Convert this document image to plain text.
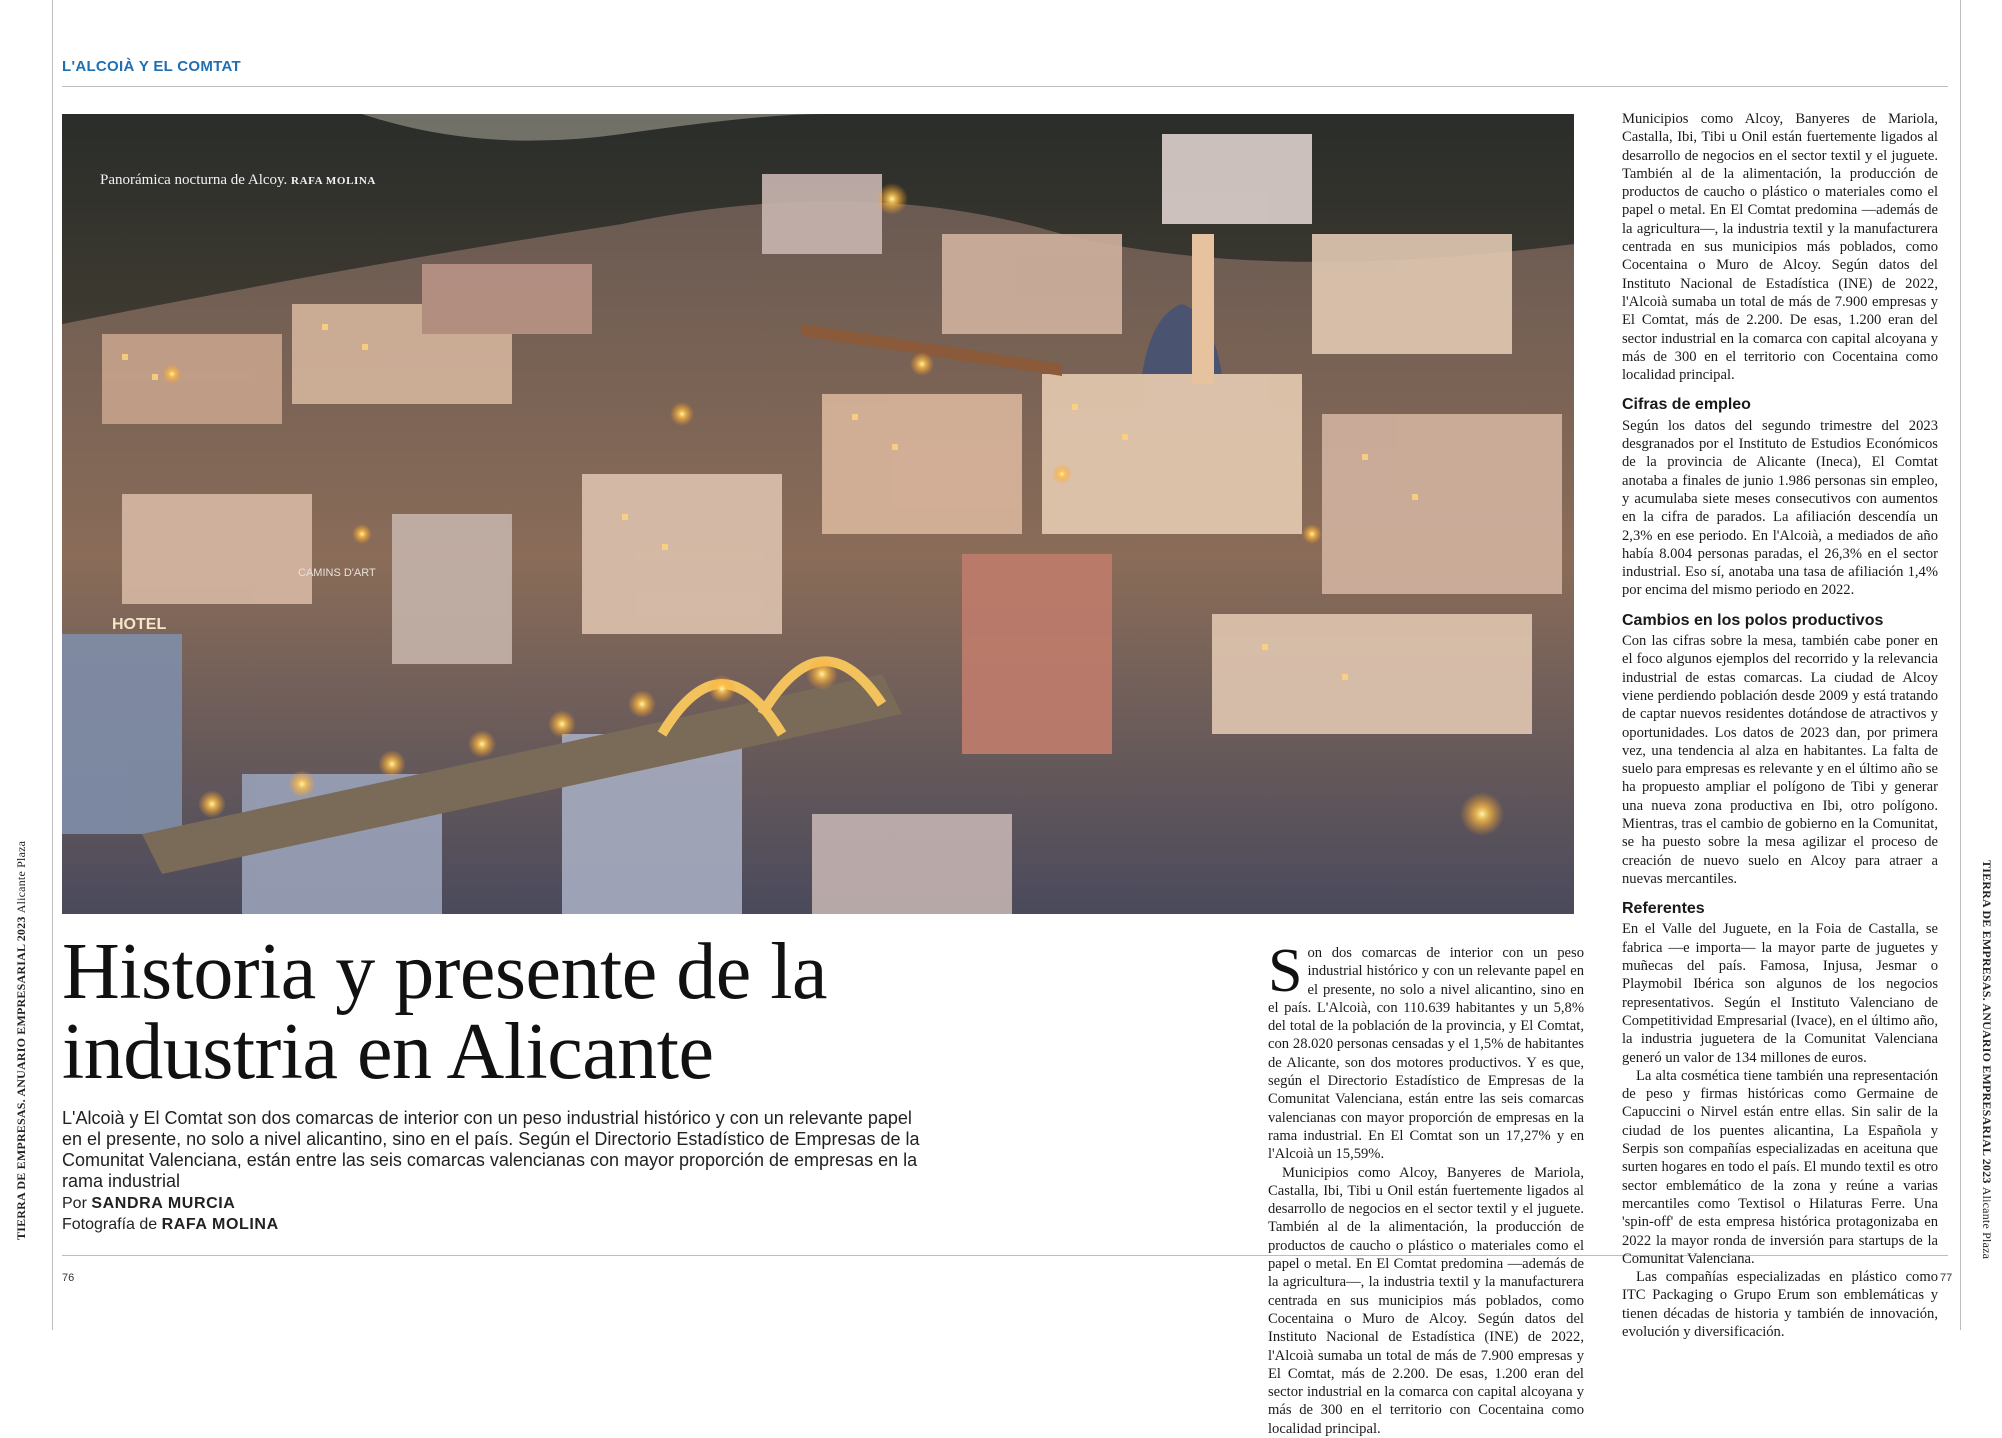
L'ALCOIÀ Y EL COMTAT
CAMINS D'ART
HOTEL
Panorámica nocturna de Alcoy. RAFA MOLINA
Historia y presente de la industria en Alicante
L'Alcoià y El Comtat son dos comarcas de interior con un peso industrial histórico y con un relevante papel en el presente, no solo a nivel alicantino, sino en el país. Según el Directorio Estadístico de Empresas de la Comunitat Valenciana, están entre las seis comarcas valencianas con mayor proporción de empresas en la rama industrial
Por SANDRA MURCIA
Fotografía de RAFA MOLINA

Son dos comarcas de interior con un peso industrial histórico y con un relevante papel en el presente, no solo a nivel alicantino, sino en el país. L'Alcoià, con 110.639 habitantes y un 5,8% del total de la población de la provincia, y El Comtat, con 28.020 personas censadas y el 1,5% de habitantes de Alicante, son dos motores productivos. Y es que, según el Directorio Estadístico de Empresas de la Comunitat Valenciana, están entre las seis comarcas valencianas con mayor proporción de empresas en la rama industrial. En El Comtat son un 17,27% y en l'Alcoià un 15,59%.

Municipios como Alcoy, Banyeres de Mariola, Castalla, Ibi, Tibi u Onil están fuertemente ligados al desarrollo de negocios en el sector textil y el juguete. También al de la alimentación, la producción de productos de caucho o plástico o materiales como el papel o metal. En El Comtat predomina —además de la agricultura—, la industria textil y la manufacturera centrada en sus municipios más poblados, como Cocentaina o Muro de Alcoy. Según datos del Instituto Nacional de Estadística (INE) de 2022, l'Alcoià sumaba un total de más de 7.900 empresas y El Comtat, más de 2.200. De esas, 1.200 eran del sector industrial en la comarca con capital alcoyana y más de 300 en el territorio con Cocentaina como localidad principal.

Municipios como Alcoy, Banyeres de Mariola, Castalla, Ibi, Tibi u Onil están fuertemente ligados al desarrollo de negocios en el sector textil y el juguete. También al de la alimentación, la producción de productos de caucho o plástico o materiales como el papel o metal. En El Comtat predomina —además de la agricultura—, la industria textil y la manufacturera centrada en sus municipios más poblados, como Cocentaina o Muro de Alcoy. Según datos del Instituto Nacional de Estadística (INE) de 2022, l'Alcoià sumaba un total de más de 7.900 empresas y El Comtat, más de 2.200. De esas, 1.200 eran del sector industrial en la comarca con capital alcoyana y más de 300 en el territorio con Cocentaina como localidad principal.

Cifras de empleo

Según los datos del segundo trimestre del 2023 desgranados por el Instituto de Estudios Económicos de la provincia de Alicante (Ineca), El Comtat anotaba a finales de junio 1.986 personas sin empleo, y acumulaba siete meses consecutivos con aumentos en la cifra de parados. La afiliación descendía un 2,3% en ese periodo. En l'Alcoià, a mediados de año había 8.004 personas paradas, el 26,3% en el sector industrial. Eso sí, anotaba una tasa de afiliación 1,4% por encima del mismo periodo en 2022.

Cambios en los polos productivos

Con las cifras sobre la mesa, también cabe poner en el foco algunos ejemplos del recorrido y la relevancia industrial de estas comarcas. La ciudad de Alcoy viene perdiendo población desde 2009 y está tratando de captar nuevos residentes dotándose de atractivos y oportunidades. Los datos de 2023 dan, por primera vez, una tendencia al alza en habitantes. La falta de suelo para empresas es relevante y en el último año se ha propuesto ampliar el polígono de Tibi y generar una nueva zona productiva en Ibi, otro polígono. Mientras, tras el cambio de gobierno en la Comunitat, se ha puesto sobre la mesa agilizar el proceso de creación de nuevo suelo en Alcoy para atraer a nuevas mercantiles.

Referentes

En el Valle del Juguete, en la Foia de Castalla, se fabrica —e importa— la mayor parte de juguetes y muñecas del país. Famosa, Injusa, Jesmar o Playmobil Ibérica son algunos de los negocios representativos. Según el Instituto Valenciano de Competitividad Empresarial (Ivace), en el último año, la industria juguetera de la Comunitat Valenciana generó un valor de 134 millones de euros.

La alta cosmética tiene también una representación de peso y firmas históricas como Germaine de Capuccini o Nirvel están entre ellas. Sin salir de la ciudad de los puentes alicantina, La Española y Serpis son compañías especializadas en aceituna que surten hogares en todo el país. El mundo textil es otro sector emblemático de la zona y reúne a varias mercantiles como Textisol o Hilaturas Ferre. Una 'spin-off' de esta empresa histórica protagonizaba en 2022 la mayor ronda de inversión para startups de la Comunitat Valenciana.

Las compañías especializadas en plástico como ITC Packaging o Grupo Erum son emblemáticas y tienen décadas de historia y también de innovación, evolución y diversificación.

76	77
TIERRA DE EMPRESAS. ANUARIO EMPRESARIAL 2023 Alicante Plaza	TIERRA DE EMPRESAS. ANUARIO EMPRESARIAL 2023 Alicante Plaza
